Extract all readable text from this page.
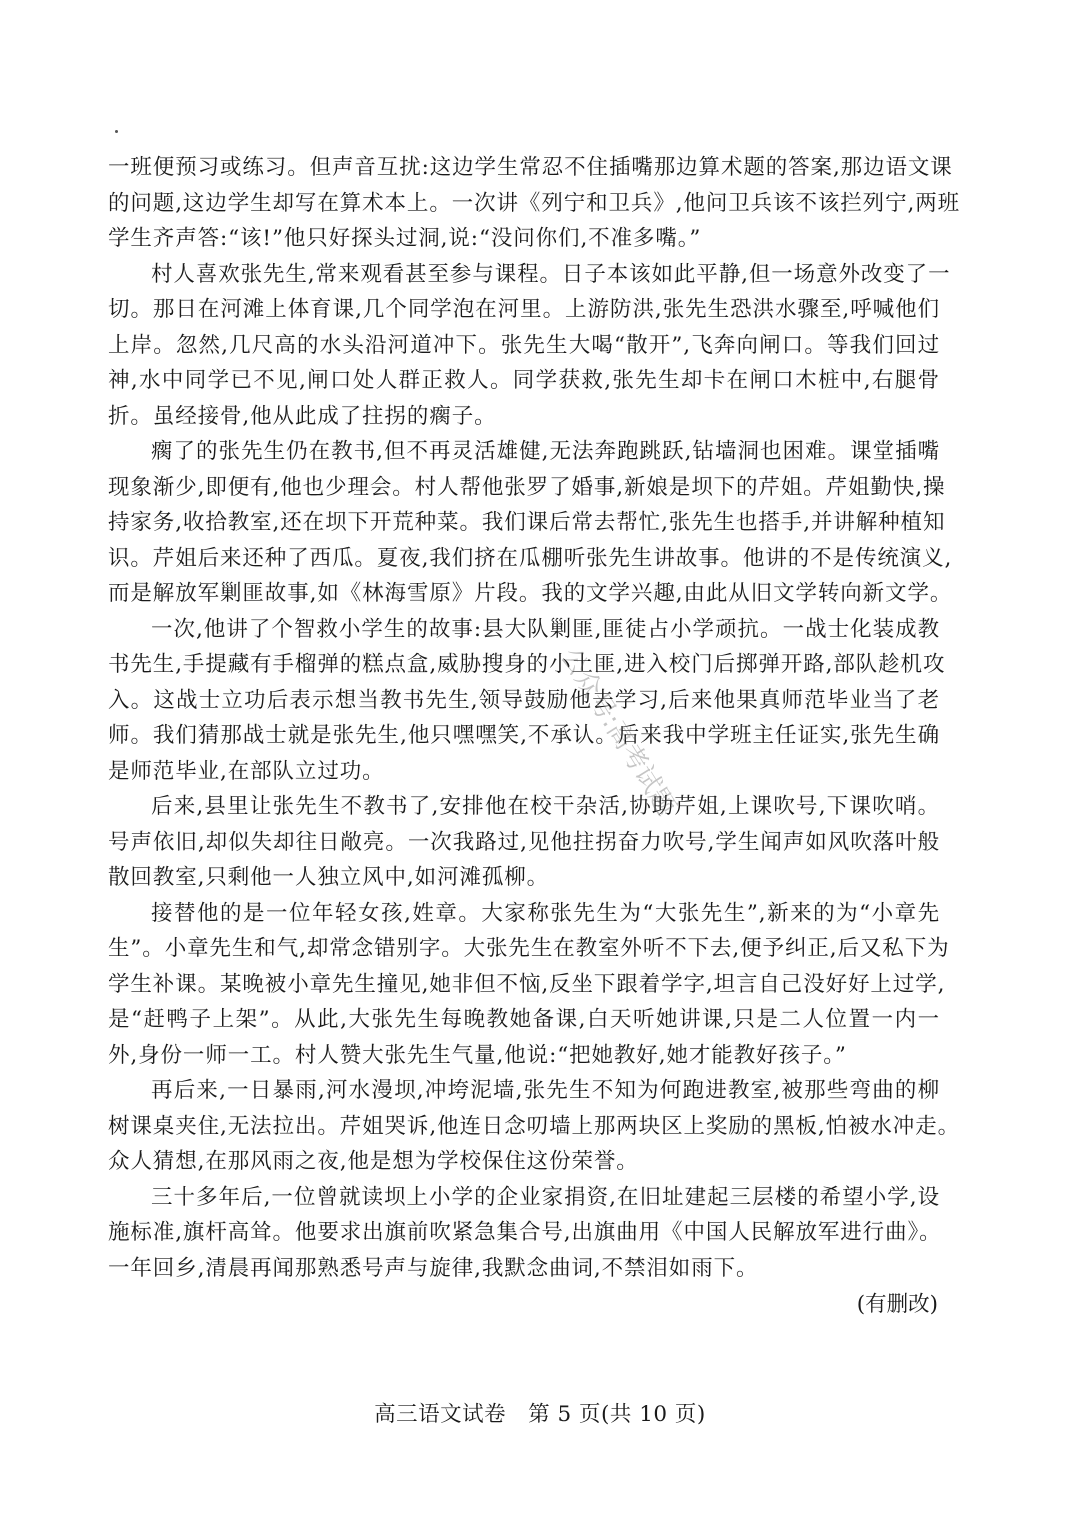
一班便预习或练习。但声音互扰:这边学生常忍不住插嘴那边算术题的答案,那边语文课
的问题,这边学生却写在算术本上。一次讲《列宁和卫兵》,他问卫兵该不该拦列宁,两班
学生齐声答:“该!”他只好探头过洞,说:“没问你们,不准多嘴。”
村人喜欢张先生,常来观看甚至参与课程。日子本该如此平静,但一场意外改变了一
切。那日在河滩上体育课,几个同学泡在河里。上游防洪,张先生恐洪水骤至,呼喊他们
上岸。忽然,几尺高的水头沿河道冲下。张先生大喝“散开”,飞奔向闸口。等我们回过
神,水中同学已不见,闸口处人群正救人。同学获救,张先生却卡在闸口木桩中,右腿骨
折。虽经接骨,他从此成了拄拐的瘸子。
瘸了的张先生仍在教书,但不再灵活雄健,无法奔跑跳跃,钻墙洞也困难。课堂插嘴
现象渐少,即便有,他也少理会。村人帮他张罗了婚事,新娘是坝下的芹姐。芹姐勤快,操
持家务,收拾教室,还在坝下开荒种菜。我们课后常去帮忙,张先生也搭手,并讲解种植知
识。芹姐后来还种了西瓜。夏夜,我们挤在瓜棚听张先生讲故事。他讲的不是传统演义,
而是解放军剿匪故事,如《林海雪原》片段。我的文学兴趣,由此从旧文学转向新文学。
一次,他讲了个智救小学生的故事:县大队剿匪,匪徒占小学顽抗。一战士化装成教
书先生,手提藏有手榴弹的糕点盒,威胁搜身的小土匪,进入校门后掷弹开路,部队趁机攻
入。这战士立功后表示想当教书先生,领导鼓励他去学习,后来他果真师范毕业当了老
师。我们猜那战士就是张先生,他只嘿嘿笑,不承认。后来我中学班主任证实,张先生确
是师范毕业,在部队立过功。
后来,县里让张先生不教书了,安排他在校干杂活,协助芹姐,上课吹号,下课吹哨。
号声依旧,却似失却往日敞亮。一次我路过,见他拄拐奋力吹号,学生闻声如风吹落叶般
散回教室,只剩他一人独立风中,如河滩孤柳。
接替他的是一位年轻女孩,姓章。大家称张先生为“大张先生”,新来的为“小章先
生”。小章先生和气,却常念错别字。大张先生在教室外听不下去,便予纠正,后又私下为
学生补课。某晚被小章先生撞见,她非但不恼,反坐下跟着学字,坦言自己没好好上过学,
是“赶鸭子上架”。从此,大张先生每晚教她备课,白天听她讲课,只是二人位置一内一
外,身份一师一工。村人赞大张先生气量,他说:“把她教好,她才能教好孩子。”
再后来,一日暴雨,河水漫坝,冲垮泥墙,张先生不知为何跑进教室,被那些弯曲的柳
树课桌夹住,无法拉出。芹姐哭诉,他连日念叨墙上那两块区上奖励的黑板,怕被水冲走。
众人猜想,在那风雨之夜,他是想为学校保住这份荣誉。
三十多年后,一位曾就读坝上小学的企业家捐资,在旧址建起三层楼的希望小学,设
施标准,旗杆高耸。他要求出旗前吹紧急集合号,出旗曲用《中国人民解放军进行曲》。
一年回乡,清晨再闻那熟悉号声与旋律,我默念曲词,不禁泪如雨下。
(有删改)
高三语文试卷　第 5 页(共 10 页)
公众号:高考试题
